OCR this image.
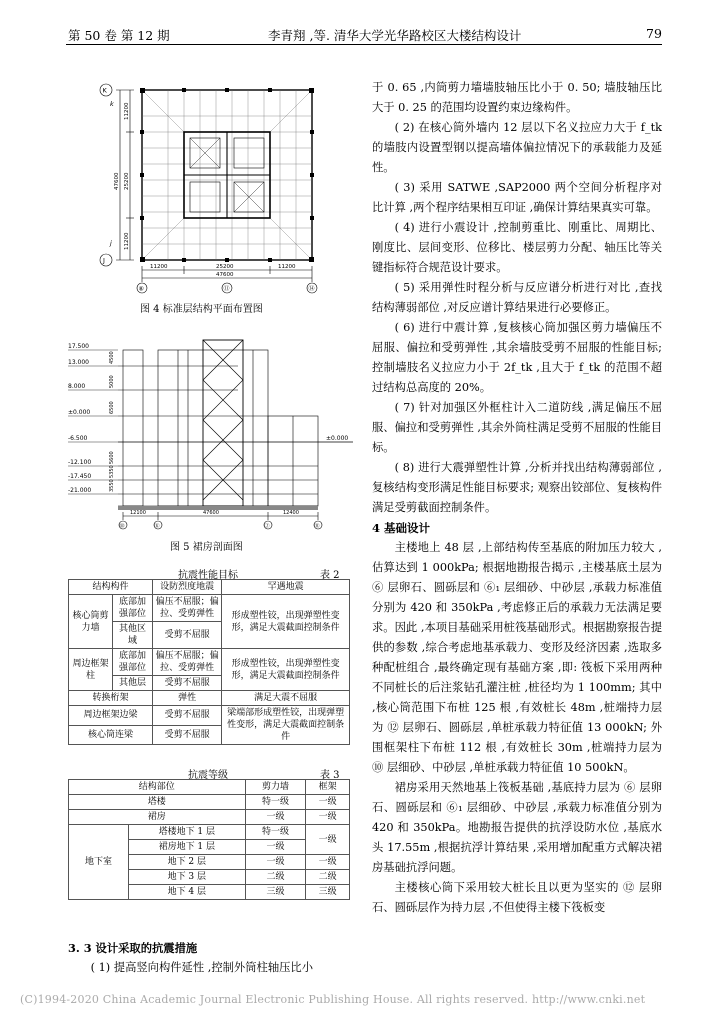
第 50 卷 第 12 期	李青翔 ,等. 清华大学光华路校区大楼结构设计	79
K
J
j
k
⑧	⑪	⑭
11200
25200
11200
47600
11200	25200	11200
47600
图 4 标准层结构平面布置图
17.500
13.000
8.000
±0.000
-6.500
-12.100
-17.450
-21.000
±0.000
4500
5000
6500
5600
5350
3550
12100	47600	12400
Ⓜ	Ⓚ	Ⓙ	Ⓗ
图 5 裙房剖面图
抗震性能目标	表 2
结构构件		设防烈度地震	罕遇地震
核心筒剪力墙	底部加强部位	偏压不屈服；偏拉、受剪弹性	形成塑性铰，出现弹塑性变形，满足大震截面控制条件
	其他区域	受剪不屈服	
周边框架柱	底部加强部位	偏压不屈服；偏拉、受剪弹性	形成塑性铰，出现弹塑性变形，满足大震截面控制条件
	其他层	受剪不屈服	
转换桁架		弹性	满足大震不屈服
周边框架边梁		受剪不屈服	梁端部形成塑性铰，出现弹塑性变形，满足大震截面控制条件
核心筒连梁		受剪不屈服	
抗震等级	表 3
结构部位		剪力墙	框架
塔楼		特一级	一级
裙房		一级	一级
地下室	塔楼地下 1 层	特一级	一级
	裙房地下 1 层	一级	
	地下 2 层	一级	一级
	地下 3 层	二级	二级
	地下 4 层	三级	三级
3. 3 设计采取的抗震措施

( 1) 提高竖向构件延性 ,控制外筒柱轴压比小

于 0. 65 ,内筒剪力墙墙肢轴压比小于 0. 50; 墙肢轴压比大于 0. 25 的范围均设置约束边缘构件。

( 2) 在核心筒外墙内 12 层以下名义拉应力大于 f_tk 的墙肢内设置型钢以提高墙体偏拉情况下的承载能力及延性。

( 3) 采用 SATWE ,SAP2000 两个空间分析程序对比计算 ,两个程序结果相互印证 ,确保计算结果真实可靠。

( 4) 进行小震设计 ,控制剪重比、刚重比、周期比、刚度比、层间变形、位移比、楼层剪力分配、轴压比等关键指标符合规范设计要求。

( 5) 采用弹性时程分析与反应谱分析进行对比 ,查找结构薄弱部位 ,对反应谱计算结果进行必要修正。

( 6) 进行中震计算 ,复核核心筒加强区剪力墙偏压不屈服、偏拉和受剪弹性 ,其余墙肢受剪不屈服的性能目标; 控制墙肢名义拉应力小于 2f_tk ,且大于 f_tk 的范围不超过结构总高度的 20%。

( 7) 针对加强区外框柱计入二道防线 ,满足偏压不屈服、偏拉和受剪弹性 ,其余外筒柱满足受剪不屈服的性能目标。

( 8) 进行大震弹塑性计算 ,分析并找出结构薄弱部位 ,复核结构变形满足性能目标要求; 观察出铰部位、复核构件满足受剪截面控制条件。

4 基础设计

主楼地上 48 层 ,上部结构传至基底的附加压力较大 ,估算达到 1 000kPa; 根据地勘报告揭示 ,主楼基底土层为 ⑥ 层卵石、圆砾层和 ⑥₁ 层细砂、中砂层 ,承载力标准值分别为 420 和 350kPa ,考虑修正后的承载力无法满足要求。因此 ,本项目基础采用桩筏基础形式。根据勘察报告提供的参数 ,综合考虑地基承载力、变形及经济因素 ,选取多种配桩组合 ,最终确定现有基础方案 ,即: 筏板下采用两种不同桩长的后注浆钻孔灌注桩 ,桩径均为 1 100mm; 其中 ,核心筒范围下布桩 125 根 ,有效桩长 48m ,桩端持力层为 ⑫ 层卵石、圆砾层 ,单桩承载力特征值 13 000kN; 外围框架柱下布桩 112 根 ,有效桩长 30m ,桩端持力层为 ⑩ 层细砂、中砂层 ,单桩承载力特征值 10 500kN。

裙房采用天然地基上筏板基础 ,基底持力层为 ⑥ 层卵石、圆砾层和 ⑥₁ 层细砂、中砂层 ,承载力标准值分别为 420 和 350kPa。地勘报告提供的抗浮设防水位 ,基底水头 17.55m ,根据抗浮计算结果 ,采用增加配重方式解决裙房基础抗浮问题。

主楼核心筒下采用较大桩长且以更为坚实的 ⑫ 层卵石、圆砾层作为持力层 ,不但使得主楼下筏板变

(C)1994-2020 China Academic Journal Electronic Publishing House. All rights reserved. http://www.cnki.net
